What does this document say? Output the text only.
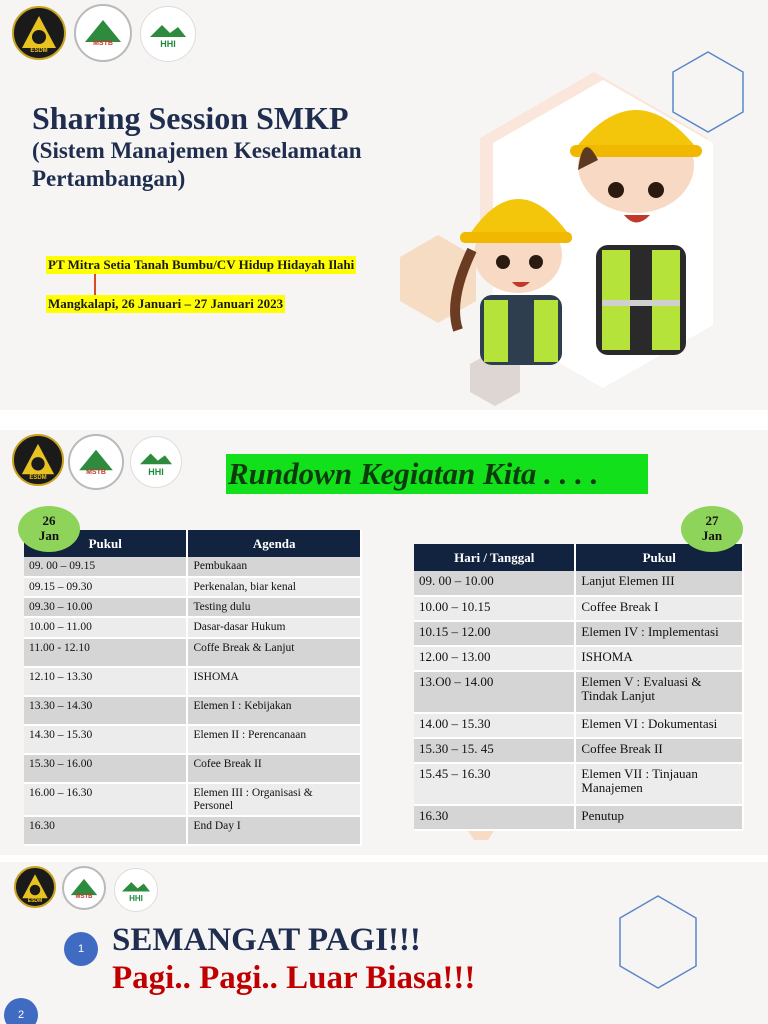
ESDM
MSTB	HHI
Sharing Session SMKP
(Sistem Manajemen Keselamatan
Pertambangan)
PT Mitra Setia Tanah Bumbu/CV Hidup Hidayah Ilahi
Mangkalapi, 26 Januari – 27 Januari 2023
ESDM
MSTB	HHI Rundown Kegiatan Kita . . . .
Pukul	Agenda
09. 00 – 09.15	Pembukaan
09.15 – 09.30	Perkenalan, biar kenal
09.30 – 10.00	Testing dulu
10.00 – 11.00	Dasar-dasar Hukum
11.00 - 12.10	Coffe Break & Lanjut
12.10 – 13.30	ISHOMA
13.30 – 14.30	Elemen I : Kebijakan
14.30 – 15.30	Elemen II : Perencanaan
15.30 – 16.00	Cofee Break II
16.00 – 16.30	Elemen III : Organisasi & Personel
16.30	End Day I
26
Jan
Hari / Tanggal	Pukul
09. 00 – 10.00	Lanjut Elemen III
10.00 – 10.15	Coffee Break I
10.15 – 12.00	Elemen IV : Implementasi
12.00 – 13.00	ISHOMA
13.O0 – 14.00	Elemen V : Evaluasi & Tindak Lanjut
14.00 – 15.30	Elemen VI : Dokumentasi
15.30 – 15. 45	Coffee Break II
15.45 – 16.30	Elemen VII : Tinjauan Manajemen
16.30	Penutup
27
Jan
ESDM
MSTB	HHI
1
2
SEMANGAT PAGI!!!
Pagi.. Pagi.. Luar Biasa!!!
